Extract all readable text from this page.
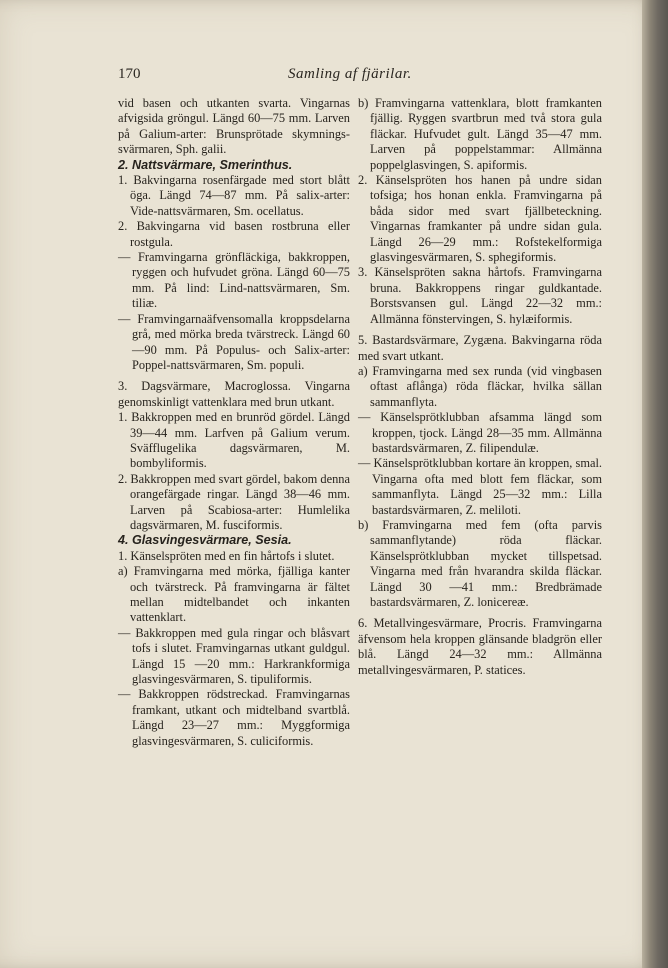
170	Samling af fjärilar.

vid basen och utkanten svarta. Vingarnas afvigsida gröngul. Längd 60—75 mm. Larven på Galium-arter: Brunsprötade skymnings-svärmaren, Sph. galii.

2. Nattsvärmare, Smerinthus.

1. Bakvingarna rosenfärgade med stort blått öga. Längd 74—87 mm. På salix-arter: Vide-nattsvärmaren, Sm. ocellatus.

2. Bakvingarna vid basen rostbruna eller rostgula.

— Framvingarna grönfläckiga, bakkroppen, ryggen och hufvudet gröna. Längd 60—75 mm. På lind: Lind-nattsvärmaren, Sm. tiliæ.

— Framvingarnaäfvensomalla kroppsdelarna grå, med mörka breda tvärstreck. Längd 60—90 mm. På Populus- och Salix-arter: Poppel-nattsvärmaren, Sm. populi.

3. Dagsvärmare, Macroglossa. Vingarna genomskinligt vattenklara med brun utkant.

1. Bakkroppen med en brunröd gördel. Längd 39—44 mm. Larfven på Galium verum. Sväfflugelika dagsvärmaren, M. bombyliformis.

2. Bakkroppen med svart gördel, bakom denna orangefärgade ringar. Längd 38—46 mm. Larven på Scabiosa-arter: Humlelika dagsvärmaren, M. fusciformis.

4. Glasvingesvärmare, Sesia.

1. Känselspröten med en fin hårtofs i slutet.

a) Framvingarna med mörka, fjälliga kanter och tvärstreck. På framvingarna är fältet mellan midtelbandet och inkanten vattenklart.

— Bakkroppen med gula ringar och blåsvart tofs i slutet. Framvingarnas utkant guldgul. Längd 15 —20 mm.: Harkrankformiga glasvingesvärmaren, S. tipuliformis.

— Bakkroppen rödstreckad. Framvingarnas framkant, utkant och midtelband svartblå. Längd 23—27 mm.: Myggformiga glasvingesvärmaren, S. culiciformis.

b) Framvingarna vattenklara, blott framkanten fjällig. Ryggen svartbrun med två stora gula fläckar. Hufvudet gult. Längd 35—47 mm. Larven på poppelstammar: Allmänna poppelglasvingen, S. apiformis.

2. Känselspröten hos hanen på undre sidan tofsiga; hos honan enkla. Framvingarna på båda sidor med svart fjällbeteckning. Vingarnas framkanter på undre sidan gula. Längd 26—29 mm.: Rofstekelformiga glasvingesvärmaren, S. sphegiformis.

3. Känselspröten sakna hårtofs. Framvingarna bruna. Bakkroppens ringar guldkantade. Borstsvansen gul. Längd 22—32 mm.: Allmänna fönstervingen, S. hylæiformis.

5. Bastardsvärmare, Zygæna. Bakvingarna röda med svart utkant.

a) Framvingarna med sex runda (vid vingbasen oftast aflånga) röda fläckar, hvilka sällan sammanflyta.

— Känselsprötklubban afsamma längd som kroppen, tjock. Längd 28—35 mm. Allmänna bastardsvärmaren, Z. filipendulæ.

— Känselsprötklubban kortare än kroppen, smal. Vingarna ofta med blott fem fläckar, som sammanflyta. Längd 25—32 mm.: Lilla bastardsvärmaren, Z. meliloti.

b) Framvingarna med fem (ofta parvis sammanflytande) röda fläckar. Känselsprötklubban mycket tillspetsad. Vingarna med från hvarandra skilda fläckar. Längd 30 —41 mm.: Bredbrämade bastardsvärmaren, Z. lonicereæ.

6. Metallvingesvärmare, Procris. Framvingarna äfvensom hela kroppen glänsande bladgrön eller blå. Längd 24—32 mm.: Allmänna metallvingesvärmaren, P. statices.
